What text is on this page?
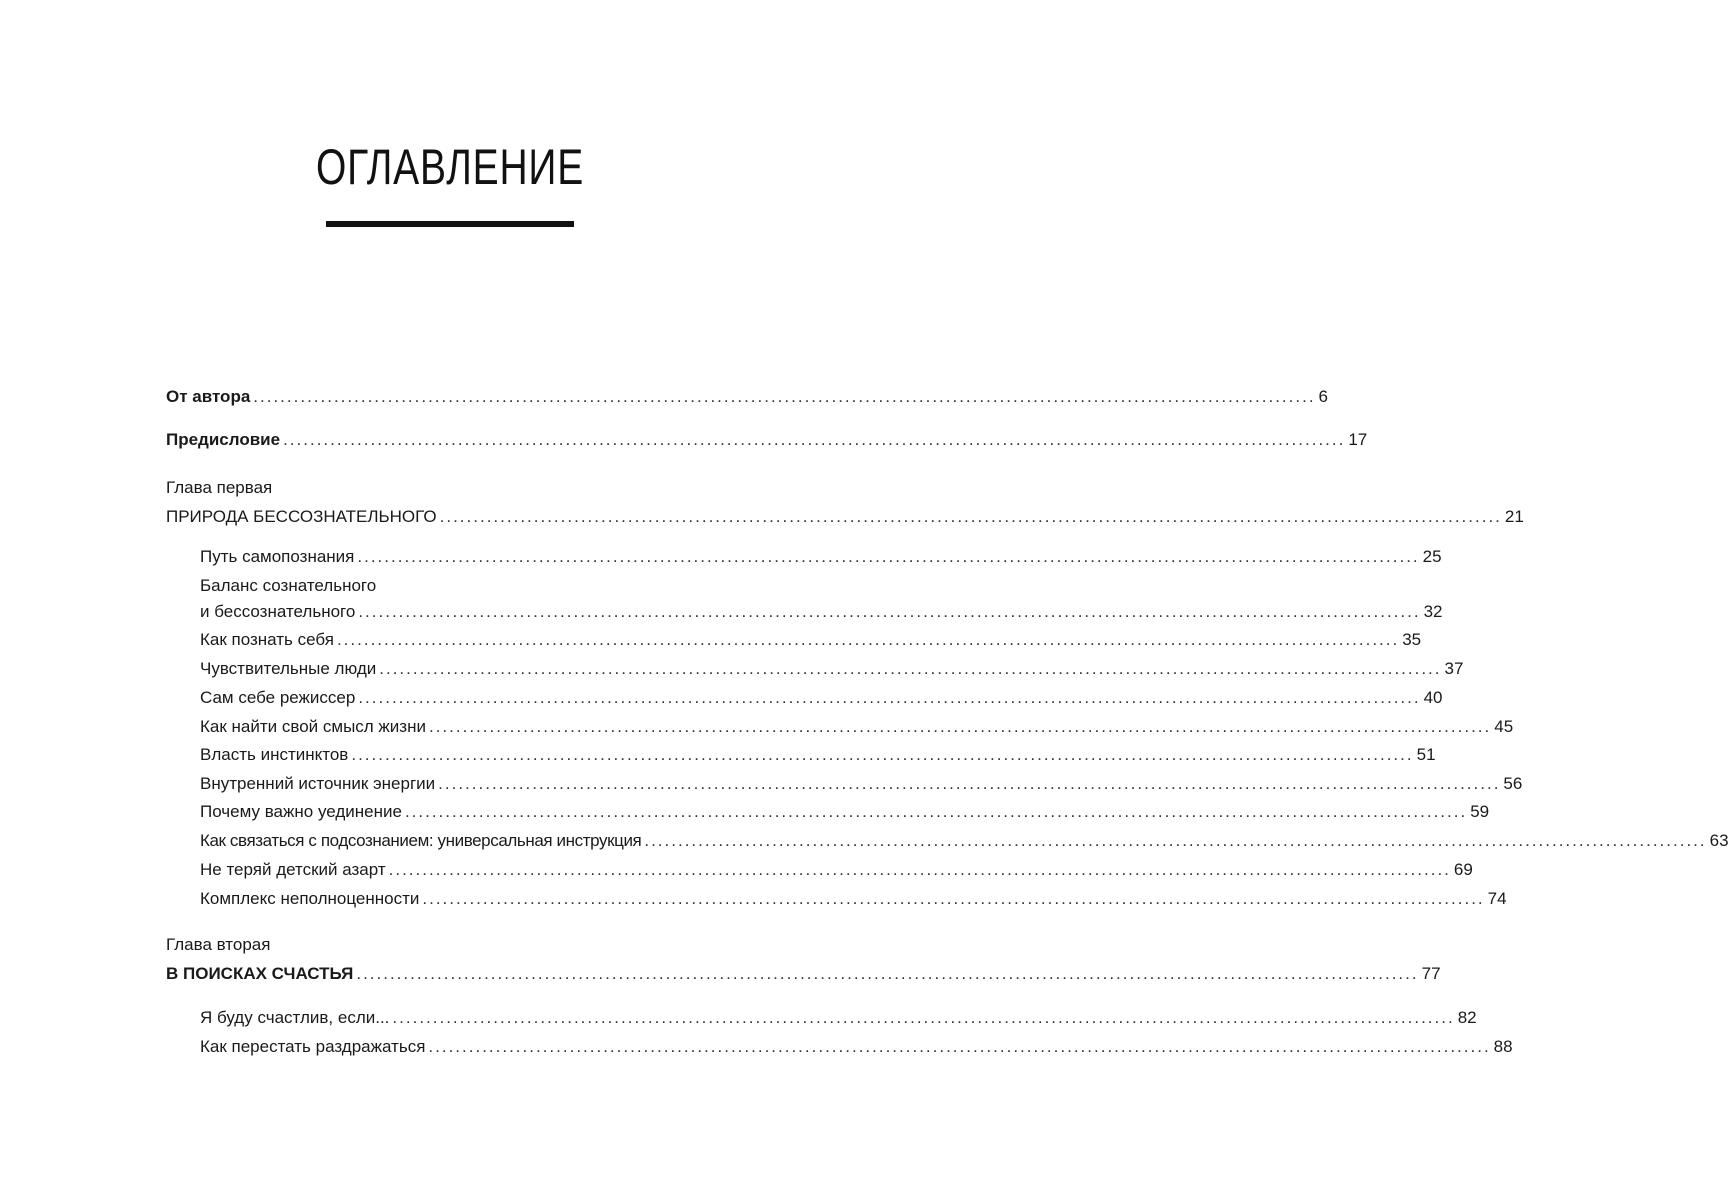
ОГЛАВЛЕНИЕ
От автора .............................................................................................................................................................. 6
Предисловие .............................................................................................................................................................. 17
Глава первая
ПРИРОДА БЕССОЗНАТЕЛЬНОГО .............................................................................................................................................................. 21
Путь самопознания .............................................................................................................................................................. 25
Баланс сознательного
и бессознательного .............................................................................................................................................................. 32
Как познать себя .............................................................................................................................................................. 35
Чувствительные люди .............................................................................................................................................................. 37
Сам себе режиссер .............................................................................................................................................................. 40
Как найти свой смысл жизни .............................................................................................................................................................. 45
Власть инстинктов .............................................................................................................................................................. 51
Внутренний источник энергии .............................................................................................................................................................. 56
Почему важно уединение .............................................................................................................................................................. 59
Как связаться с подсознанием: универсальная инструкция .............................................................................................................................................................. 63
Не теряй детский азарт .............................................................................................................................................................. 69
Комплекс неполноценности .............................................................................................................................................................. 74
Глава вторая
В ПОИСКАХ СЧАСТЬЯ .............................................................................................................................................................. 77
Я буду счастлив, если... .............................................................................................................................................................. 82
Как перестать раздражаться .............................................................................................................................................................. 88
